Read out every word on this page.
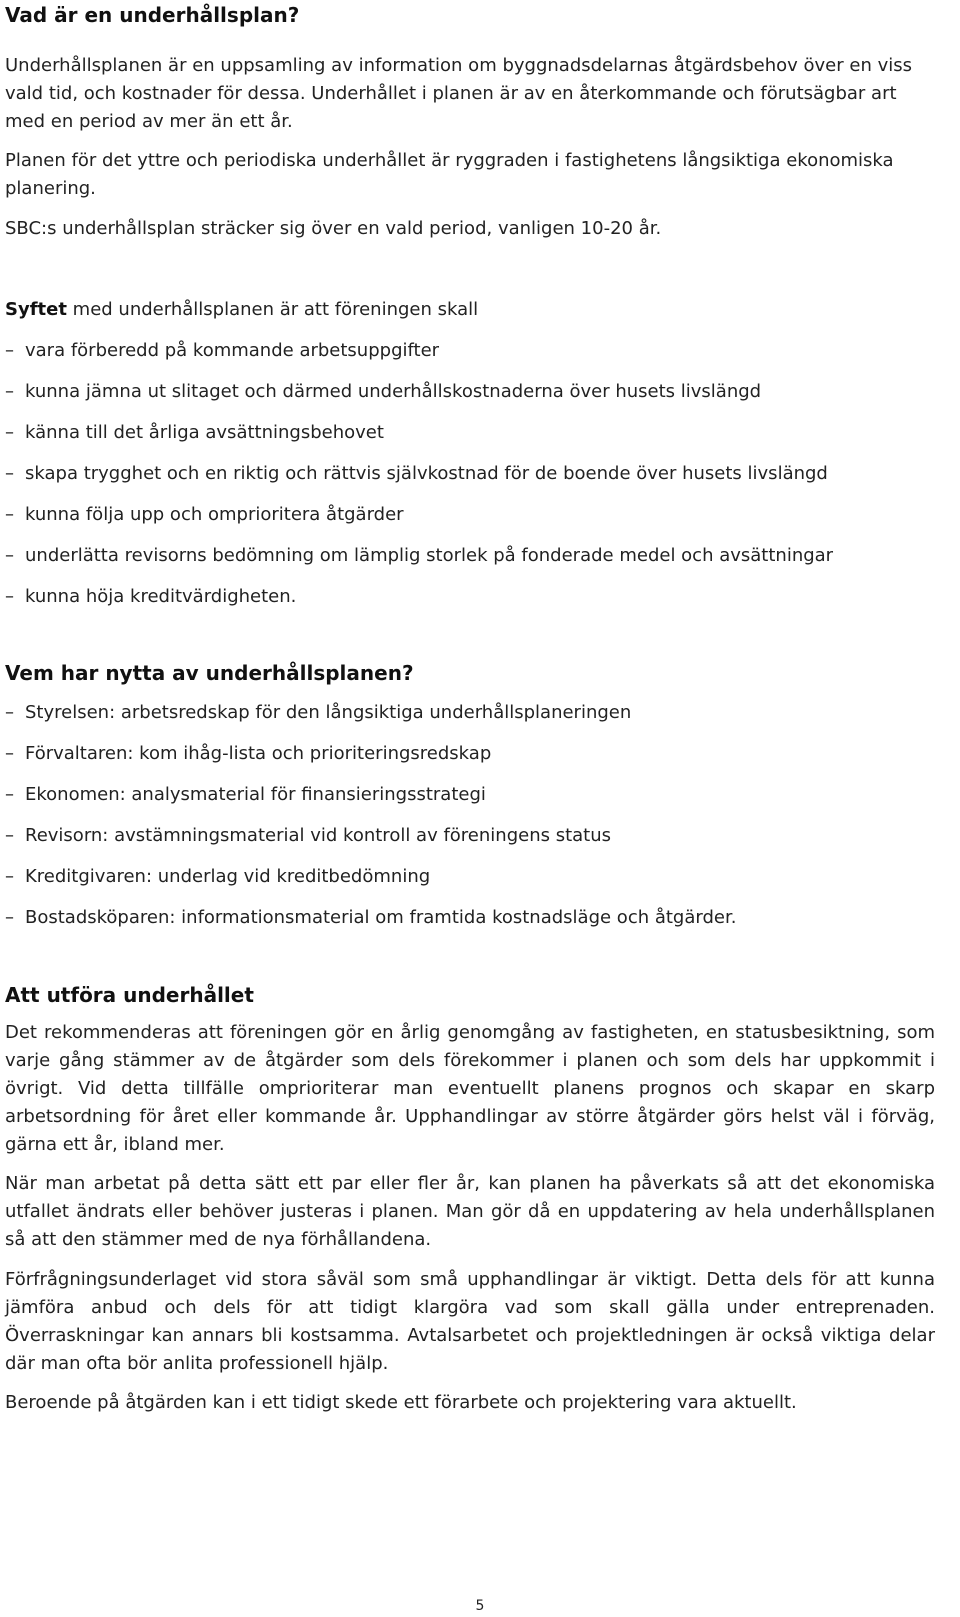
Vad är en underhållsplan?

Underhållsplanen är en uppsamling av information om byggnadsdelarnas åtgärdsbehov över en viss vald tid, och kostnader för dessa. Underhållet i planen är av en återkommande och förutsägbar art med en period av mer än ett år.

Planen för det yttre och periodiska underhållet är ryggraden i fastighetens långsiktiga ekonomiska planering.

SBC:s underhållsplan sträcker sig över en vald period, vanligen 10-20 år.

Syftet med underhållsplanen är att föreningen skall

– vara förberedd på kommande arbetsuppgifter
– kunna jämna ut slitaget och därmed underhållskostnaderna över husets livslängd
– känna till det årliga avsättningsbehovet
– skapa trygghet och en riktig och rättvis självkostnad för de boende över husets livslängd
– kunna följa upp och omprioritera åtgärder
– underlätta revisorns bedömning om lämplig storlek på fonderade medel och avsättningar
– kunna höja kreditvärdigheten.
Vem har nytta av underhållsplanen?
– Styrelsen: arbetsredskap för den långsiktiga underhållsplaneringen
– Förvaltaren: kom ihåg-lista och prioriteringsredskap
– Ekonomen: analysmaterial för finansieringsstrategi
– Revisorn: avstämningsmaterial vid kontroll av föreningens status
– Kreditgivaren: underlag vid kreditbedömning
– Bostadsköparen: informationsmaterial om framtida kostnadsläge och åtgärder.
Att utföra underhållet

Det rekommenderas att föreningen gör en årlig genomgång av fastigheten, en statusbesiktning, som varje gång stämmer av de åtgärder som dels förekommer i planen och som dels har uppkommit i övrigt. Vid detta tillfälle omprioriterar man eventuellt planens prognos och skapar en skarp arbetsordning för året eller kommande år. Upphandlingar av större åtgärder görs helst väl i förväg, gärna ett år, ibland mer.

När man arbetat på detta sätt ett par eller fler år, kan planen ha påverkats så att det ekonomiska utfallet ändrats eller behöver justeras i planen. Man gör då en uppdatering av hela underhållsplanen så att den stämmer med de nya förhållandena.

Förfrågningsunderlaget vid stora såväl som små upphandlingar är viktigt. Detta dels för att kunna jämföra anbud och dels för att tidigt klargöra vad som skall gälla under entreprenaden. Överraskningar kan annars bli kostsamma. Avtalsarbetet och projektledningen är också viktiga delar där man ofta bör anlita professionell hjälp.

Beroende på åtgärden kan i ett tidigt skede ett förarbete och projektering vara aktuellt.

5
